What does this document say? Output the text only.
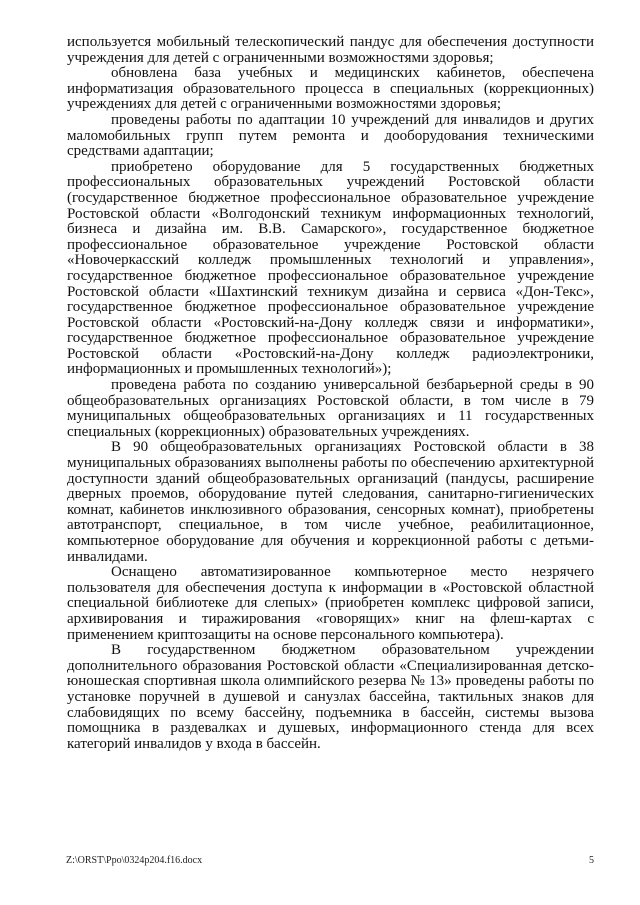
используется мобильный телескопический пандус для обеспечения доступности учреждения для детей с ограниченными возможностями здоровья;

обновлена база учебных и медицинских кабинетов, обеспечена информатизация образовательного процесса в специальных (коррекционных) учреждениях для детей с ограниченными возможностями здоровья;

проведены работы по адаптации 10 учреждений для инвалидов и других маломобильных групп путем ремонта и дооборудования техническими средствами адаптации;

приобретено оборудование для 5 государственных бюджетных профессиональных образовательных учреждений Ростовской области (государственное бюджетное профессиональное образовательное учреждение Ростовской области «Волгодонский техникум информационных технологий, бизнеса и дизайна им. В.В. Самарского», государственное бюджетное профессиональное образовательное учреждение Ростовской области «Новочеркасский колледж промышленных технологий и управления», государственное бюджетное профессиональное образовательное учреждение Ростовской области «Шахтинский техникум дизайна и сервиса «Дон-Текс», государственное бюджетное профессиональное образовательное учреждение Ростовской области «Ростовский-на-Дону колледж связи и информатики», государственное бюджетное профессиональное образовательное учреждение Ростовской области «Ростовский-на-Дону колледж радиоэлектроники, информационных и промышленных технологий»);

проведена работа по созданию универсальной безбарьерной среды в 90 общеобразовательных организациях Ростовской области, в том числе в 79 муниципальных общеобразовательных организациях и 11 государственных специальных (коррекционных) образовательных учреждениях.

В 90 общеобразовательных организациях Ростовской области в 38 муниципальных образованиях выполнены работы по обеспечению архитектурной доступности зданий общеобразовательных организаций (пандусы, расширение дверных проемов, оборудование путей следования, санитарно-гигиенических комнат, кабинетов инклюзивного образования, сенсорных комнат), приобретены автотранспорт, специальное, в том числе учебное, реабилитационное, компьютерное оборудование для обучения и коррекционной работы с детьми-инвалидами.

Оснащено автоматизированное компьютерное место незрячего пользователя для обеспечения доступа к информации в «Ростовской областной специальной библиотеке для слепых» (приобретен комплекс цифровой записи, архивирования и тиражирования «говорящих» книг на флеш-картах с применением криптозащиты на основе персонального компьютера).

В государственном бюджетном образовательном учреждении дополнительного образования Ростовской области «Специализированная детско-юношеская спортивная школа олимпийского резерва № 13» проведены работы по установке поручней в душевой и санузлах бассейна, тактильных знаков для слабовидящих по всему бассейну, подъемника в бассейн, системы вызова помощника в раздевалках и душевых, информационного стенда для всех категорий инвалидов у входа в бассейн.

Z:\ORST\Ppo\0324p204.f16.docx	5
